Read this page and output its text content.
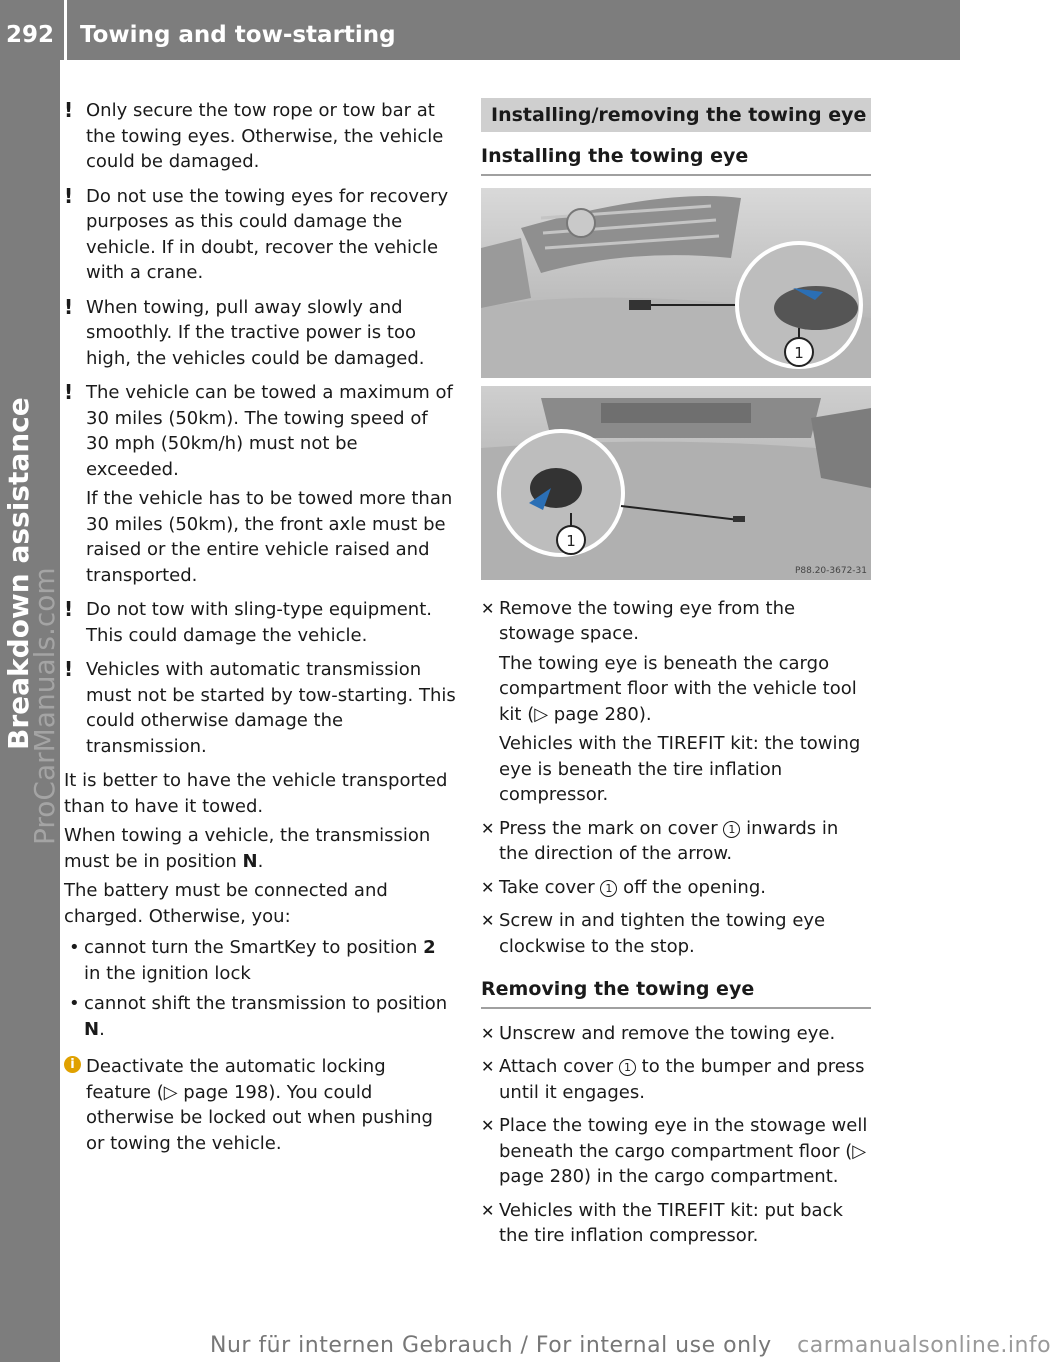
292 Towing and tow-starting
Breakdown assistance
ProCarManuals.com

! Only secure the tow rope or tow bar at the towing eyes. Otherwise, the vehicle could be damaged.

! Do not use the towing eyes for recovery purposes as this could damage the vehicle. If in doubt, recover the vehicle with a crane.

! When towing, pull away slowly and smoothly. If the tractive power is too high, the vehicles could be damaged.

! The vehicle can be towed a maximum of 30 miles (50km). The towing speed of 30 mph (50km/h) must not be exceeded.

If the vehicle has to be towed more than 30 miles (50km), the front axle must be raised or the entire vehicle raised and transported.

! Do not tow with sling-type equipment. This could damage the vehicle.

! Vehicles with automatic transmission must not be started by tow-starting. This could otherwise damage the transmission.

It is better to have the vehicle transported than to have it towed.

When towing a vehicle, the transmission must be in position N.

The battery must be connected and charged. Otherwise, you:

• cannot turn the SmartKey to position 2 in the ignition lock
• cannot shift the transmission to position N.

i Deactivate the automatic locking feature (▷ page 198). You could otherwise be locked out when pushing or towing the vehicle.

Installing/removing the towing eye
Installing the towing eye
1
1
P88.20-3672-31
✕ Remove the towing eye from the stowage space.

The towing eye is beneath the cargo compartment floor with the vehicle tool kit (▷ page 280).

Vehicles with the TIREFIT kit: the towing eye is beneath the tire inflation compressor.

✕ Press the mark on cover 1 inwards in the direction of the arrow.
✕ Take cover 1 off the opening.
✕ Screw in and tighten the towing eye clockwise to the stop.
Removing the towing eye
✕ Unscrew and remove the towing eye.
✕ Attach cover 1 to the bumper and press until it engages.
✕ Place the towing eye in the stowage well beneath the cargo compartment floor (▷ page 280) in the cargo compartment.
✕ Vehicles with the TIREFIT kit: put back the tire inflation compressor.
Nur für internen Gebrauch / For internal use only carmanualsonline.info
